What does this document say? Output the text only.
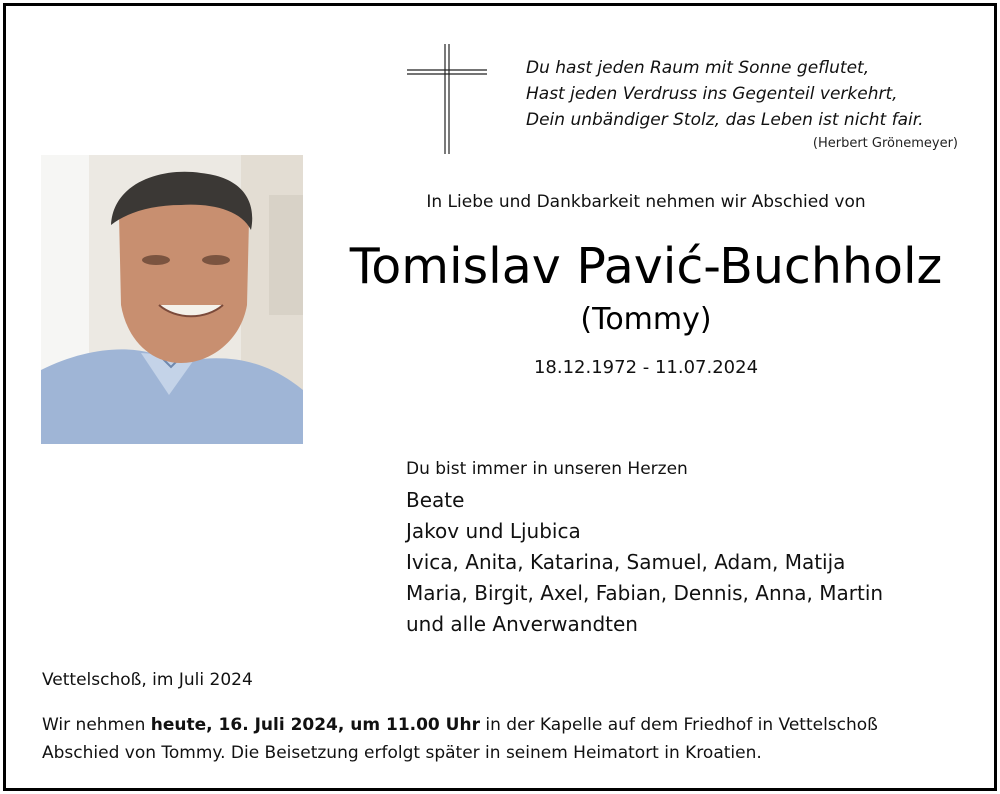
Du hast jeden Raum mit Sonne geflutet,
Hast jeden Verdruss ins Gegenteil verkehrt,
Dein unbändiger Stolz, das Leben ist nicht fair.
(Herbert Grönemeyer)
In Liebe und Dankbarkeit nehmen wir Abschied von
Tomislav Pavić-Buchholz
(Tommy)
18.12.1972 - 11.07.2024
Du bist immer in unseren Herzen
Beate
Jakov und Ljubica
Ivica, Anita, Katarina, Samuel, Adam, Matija
Maria, Birgit, Axel, Fabian, Dennis, Anna, Martin
und alle Anverwandten
Vettelschoß, im Juli 2024
Wir nehmen heute, 16. Juli 2024, um 11.00 Uhr in der Kapelle auf dem Friedhof in Vettelschoß
Abschied von Tommy. Die Beisetzung erfolgt später in seinem Heimatort in Kroatien.
